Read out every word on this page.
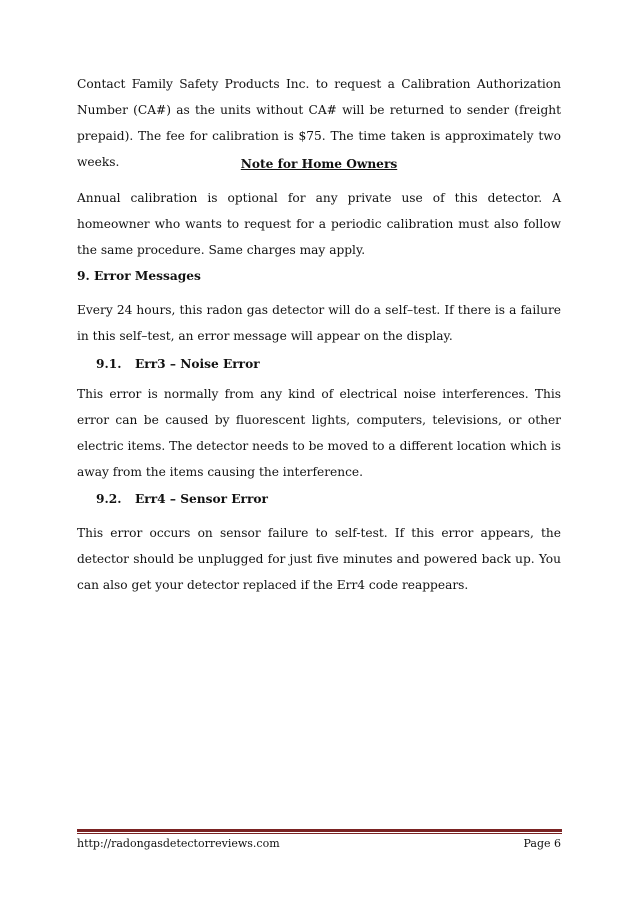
Contact Family Safety Products Inc. to request a Calibration Authorization Number (CA#) as the units without CA# will be returned to sender (freight prepaid). The fee for calibration is $75. The time taken is approximately two weeks.	Note for Home Owners
Annual calibration is optional for any private use of this detector. A homeowner who wants to request for a periodic calibration must also follow the same procedure. Same charges may apply.
9. Error Messages
Every 24 hours, this radon gas detector will do a self–test. If there is a failure in this self–test, an error message will appear on the display.
9.1. Err3 – Noise Error
This error is normally from any kind of electrical noise interferences. This error can be caused by fluorescent lights, computers, televisions, or other electric items. The detector needs to be moved to a different location which is away from the items causing the interference.
9.2. Err4 – Sensor Error
This error occurs on sensor failure to self-test. If this error appears, the detector should be unplugged for just five minutes and powered back up. You can also get your detector replaced if the Err4 code reappears.
http://radongasdetectorreviews.com	Page 6
